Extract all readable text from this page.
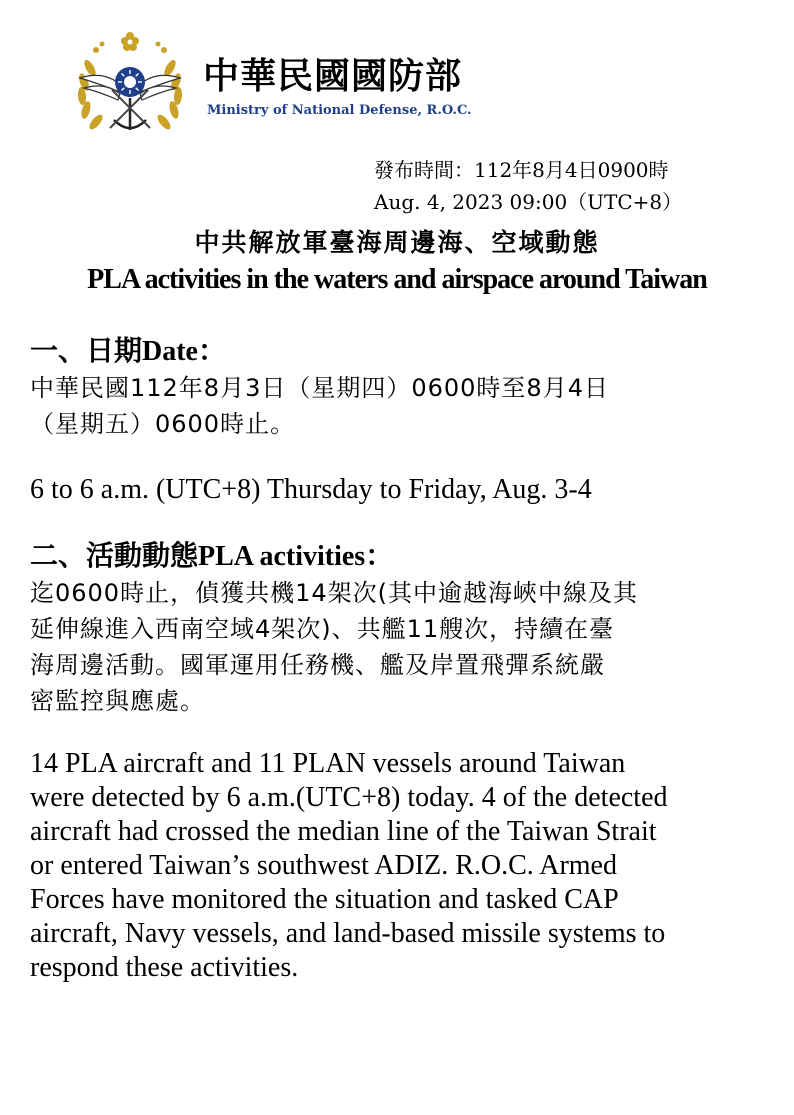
中華民國國防部
Ministry of National Defense, R.O.C.
發布時間：112年8月4日0900時
Aug. 4, 2023 09:00（UTC+8）
中共解放軍臺海周邊海、空域動態
PLA activities in the waters and airspace around Taiwan
一、日期Date：
中華民國112年8月3日（星期四）0600時至8月4日
（星期五）0600時止。
6 to 6 a.m. (UTC+8) Thursday to Friday, Aug. 3-4
二、活動動態PLA activities：
迄0600時止，偵獲共機14架次(其中逾越海峽中線及其
延伸線進入西南空域4架次)、共艦11艘次，持續在臺
海周邊活動。國軍運用任務機、艦及岸置飛彈系統嚴
密監控與應處。
14 PLA aircraft and 11 PLAN vessels around Taiwan
were detected by 6 a.m.(UTC+8) today. 4 of the detected
aircraft had crossed the median line of the Taiwan Strait
or entered Taiwan’s southwest ADIZ. R.O.C. Armed
Forces have monitored the situation and tasked CAP
aircraft, Navy vessels, and land-based missile systems to
respond these activities.
